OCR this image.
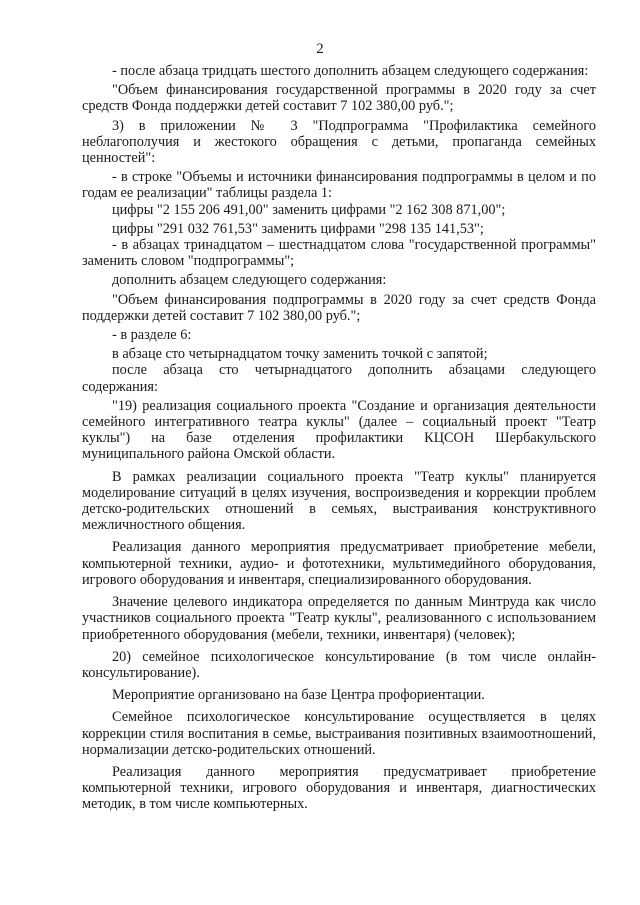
2

- после абзаца тридцать шестого дополнить абзацем следующего содержания:

"Объем финансирования государственной программы в 2020 году за счет средств Фонда поддержки детей составит 7 102 380,00 руб.";

3) в приложении № 3 "Подпрограмма "Профилактика семейного неблагополучия и жестокого обращения с детьми, пропаганда семейных ценностей":

- в строке "Объемы и источники финансирования подпрограммы в целом и по годам ее реализации" таблицы раздела 1:

цифры "2 155 206 491,00" заменить цифрами "2 162 308 871,00";

цифры "291 032 761,53" заменить цифрами "298 135 141,53";

- в абзацах тринадцатом – шестнадцатом слова "государственной программы" заменить словом "подпрограммы";

дополнить абзацем следующего содержания:

"Объем финансирования подпрограммы в 2020 году за счет средств Фонда поддержки детей составит 7 102 380,00 руб.";

- в разделе 6:

в абзаце сто четырнадцатом точку заменить точкой с запятой;

после абзаца сто четырнадцатого дополнить абзацами следующего содержания:

"19) реализация социального проекта "Создание и организация деятельности семейного интегративного театра куклы" (далее – социальный проект "Театр куклы") на базе отделения профилактики КЦСОН Шербакульского муниципального района Омской области.

В рамках реализации социального проекта "Театр куклы" планируется моделирование ситуаций в целях изучения, воспроизведения и коррекции проблем детско-родительских отношений в семьях, выстраивания конструктивного межличностного общения.

Реализация данного мероприятия предусматривает приобретение мебели, компьютерной техники, аудио- и фототехники, мультимедийного оборудования, игрового оборудования и инвентаря, специализированного оборудования.

Значение целевого индикатора определяется по данным Минтруда как число участников социального проекта "Театр куклы", реализованного с использованием приобретенного оборудования (мебели, техники, инвентаря) (человек);

20) семейное психологическое консультирование (в том числе онлайн-консультирование).

Мероприятие организовано на базе Центра профориентации.

Семейное психологическое консультирование осуществляется в целях коррекции стиля воспитания в семье, выстраивания позитивных взаимоотношений, нормализации детско-родительских отношений.

Реализация данного мероприятия предусматривает приобретение компьютерной техники, игрового оборудования и инвентаря, диагностических методик, в том числе компьютерных.
